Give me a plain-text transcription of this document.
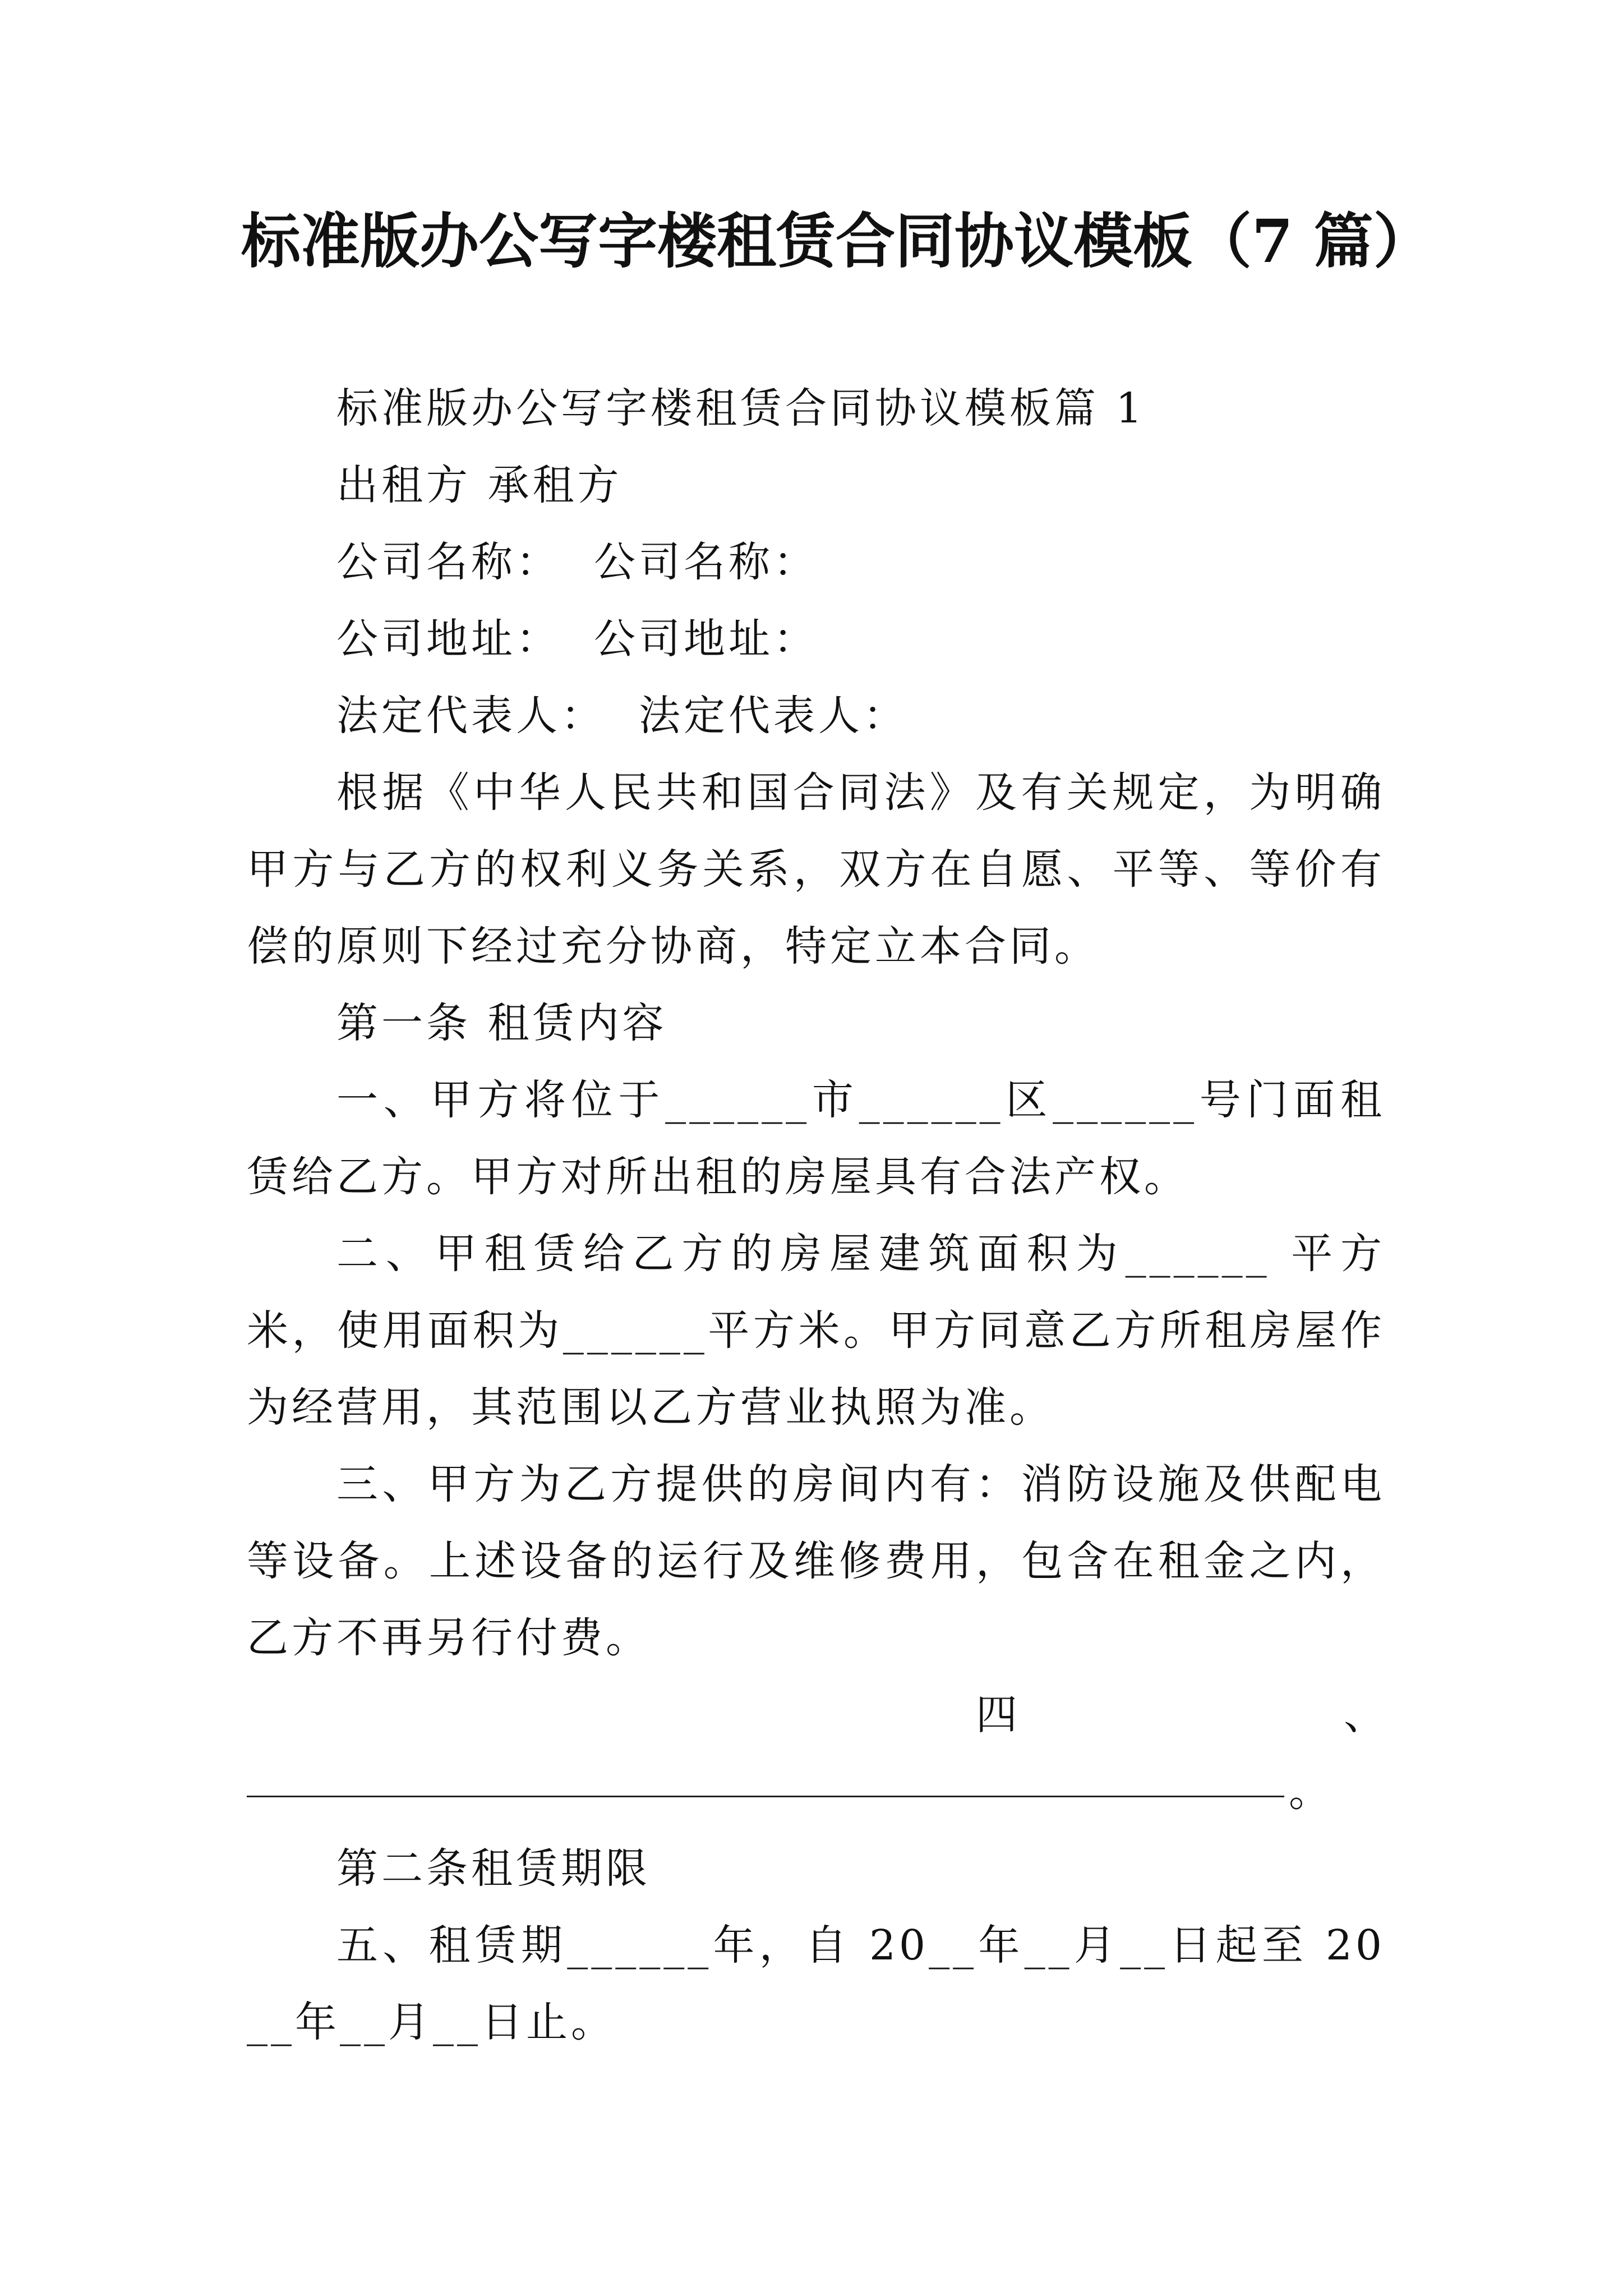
标准版办公写字楼租赁合同协议模板（7 篇）

标准版办公写字楼租赁合同协议模板篇 1

出租方 承租方

公司名称：  公司名称：

公司地址：  公司地址：

法定代表人：  法定代表人：

根据《中华人民共和国合同法》及有关规定，为明确甲方与乙方的权利义务关系，双方在自愿、平等、等价有偿的原则下经过充分协商，特定立本合同。

第一条 租赁内容

一、甲方将位于______市______区______号门面租赁给乙方。甲方对所出租的房屋具有合法产权。

二、甲租赁给乙方的房屋建筑面积为______ 平方米，使用面积为______平方米。甲方同意乙方所租房屋作为经营用，其范围以乙方营业执照为准。

三、甲方为乙方提供的房间内有：消防设施及供配电等设备。上述设备的运行及维修费用，包含在租金之内，乙方不再另行付费。

四	、
。

第二条租赁期限

五、租赁期______年，自 20__年__月__日起至 20__年__月__日止。
